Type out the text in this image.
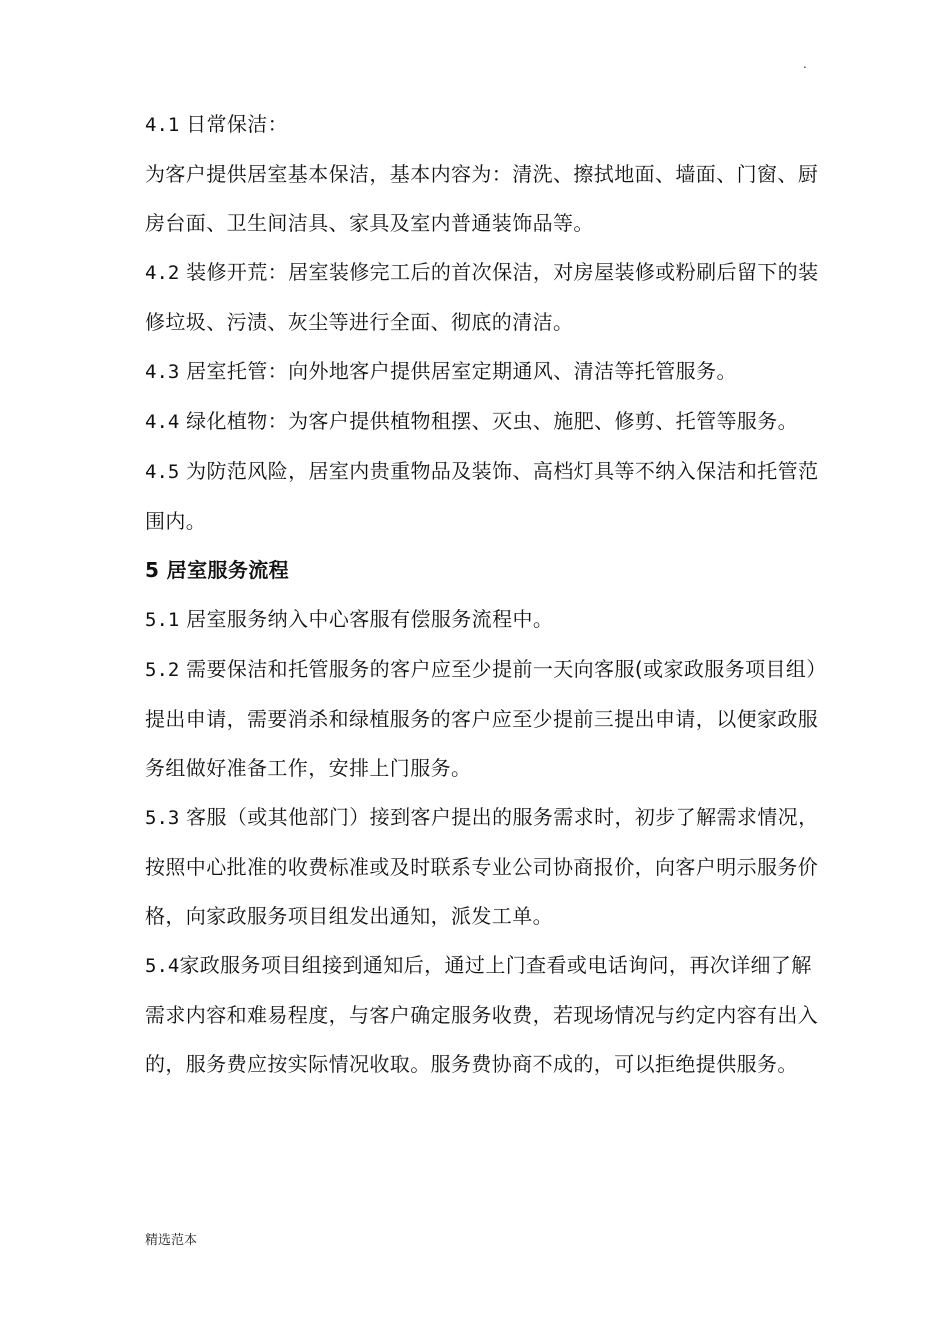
.

4.1 日常保洁：

为客户提供居室基本保洁，基本内容为：清洗、擦拭地面、墙面、门窗、厨房台面、卫生间洁具、家具及室内普通装饰品等。

4.2 装修开荒：居室装修完工后的首次保洁，对房屋装修或粉刷后留下的装修垃圾、污渍、灰尘等进行全面、彻底的清洁。

4.3 居室托管：向外地客户提供居室定期通风、清洁等托管服务。

4.4 绿化植物：为客户提供植物租摆、灭虫、施肥、修剪、托管等服务。

4.5 为防范风险，居室内贵重物品及装饰、高档灯具等不纳入保洁和托管范围内。

5 居室服务流程

5.1 居室服务纳入中心客服有偿服务流程中。

5.2 需要保洁和托管服务的客户应至少提前一天向客服(或家政服务项目组）提出申请，需要消杀和绿植服务的客户应至少提前三提出申请，以便家政服务组做好准备工作，安排上门服务。

5.3 客服（或其他部门）接到客户提出的服务需求时，初步了解需求情况，按照中心批准的收费标准或及时联系专业公司协商报价，向客户明示服务价格，向家政服务项目组发出通知，派发工单。

5.4家政服务项目组接到通知后，通过上门查看或电话询问，再次详细了解需求内容和难易程度，与客户确定服务收费，若现场情况与约定内容有出入的，服务费应按实际情况收取。服务费协商不成的，可以拒绝提供服务。

精选范本
